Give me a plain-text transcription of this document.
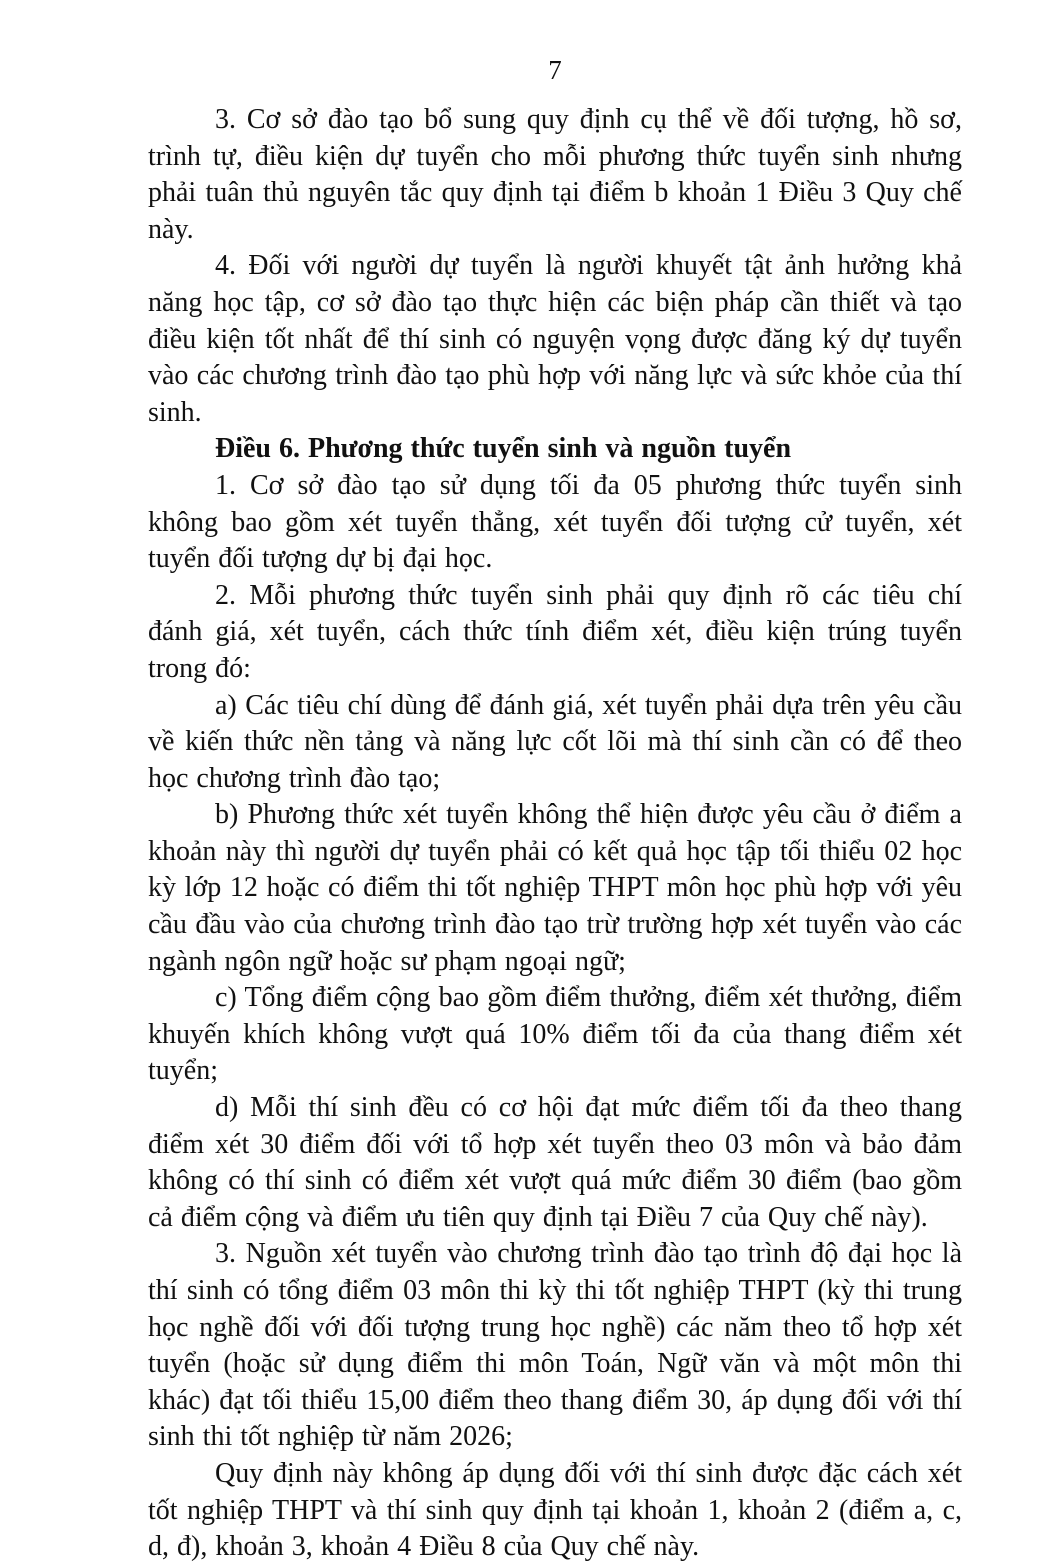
7

3. Cơ sở đào tạo bổ sung quy định cụ thể về đối tượng, hồ sơ, trình tự, điều kiện dự tuyển cho mỗi phương thức tuyển sinh nhưng phải tuân thủ nguyên tắc quy định tại điểm b khoản 1 Điều 3 Quy chế này.

4. Đối với người dự tuyển là người khuyết tật ảnh hưởng khả năng học tập, cơ sở đào tạo thực hiện các biện pháp cần thiết và tạo điều kiện tốt nhất để thí sinh có nguyện vọng được đăng ký dự tuyển vào các chương trình đào tạo phù hợp với năng lực và sức khỏe của thí sinh.

Điều 6. Phương thức tuyển sinh và nguồn tuyển

1. Cơ sở đào tạo sử dụng tối đa 05 phương thức tuyển sinh không bao gồm xét tuyển thẳng, xét tuyển đối tượng cử tuyển, xét tuyển đối tượng dự bị đại học.

2. Mỗi phương thức tuyển sinh phải quy định rõ các tiêu chí đánh giá, xét tuyển, cách thức tính điểm xét, điều kiện trúng tuyển trong đó:

a) Các tiêu chí dùng để đánh giá, xét tuyển phải dựa trên yêu cầu về kiến thức nền tảng và năng lực cốt lõi mà thí sinh cần có để theo học chương trình đào tạo;

b) Phương thức xét tuyển không thể hiện được yêu cầu ở điểm a khoản này thì người dự tuyển phải có kết quả học tập tối thiểu 02 học kỳ lớp 12 hoặc có điểm thi tốt nghiệp THPT môn học phù hợp với yêu cầu đầu vào của chương trình đào tạo trừ trường hợp xét tuyển vào các ngành ngôn ngữ hoặc sư phạm ngoại ngữ;

c) Tổng điểm cộng bao gồm điểm thưởng, điểm xét thưởng, điểm khuyến khích không vượt quá 10% điểm tối đa của thang điểm xét tuyển;

d) Mỗi thí sinh đều có cơ hội đạt mức điểm tối đa theo thang điểm xét 30 điểm đối với tổ hợp xét tuyển theo 03 môn và bảo đảm không có thí sinh có điểm xét vượt quá mức điểm 30 điểm (bao gồm cả điểm cộng và điểm ưu tiên quy định tại Điều 7 của Quy chế này).

3. Nguồn xét tuyển vào chương trình đào tạo trình độ đại học là thí sinh có tổng điểm 03 môn thi kỳ thi tốt nghiệp THPT (kỳ thi trung học nghề đối với đối tượng trung học nghề) các năm theo tổ hợp xét tuyển (hoặc sử dụng điểm thi môn Toán, Ngữ văn và một môn thi khác) đạt tối thiểu 15,00 điểm theo thang điểm 30, áp dụng đối với thí sinh thi tốt nghiệp từ năm 2026;

Quy định này không áp dụng đối với thí sinh được đặc cách xét tốt nghiệp THPT và thí sinh quy định tại khoản 1, khoản 2 (điểm a, c, d, đ), khoản 3, khoản 4 Điều 8 của Quy chế này.
